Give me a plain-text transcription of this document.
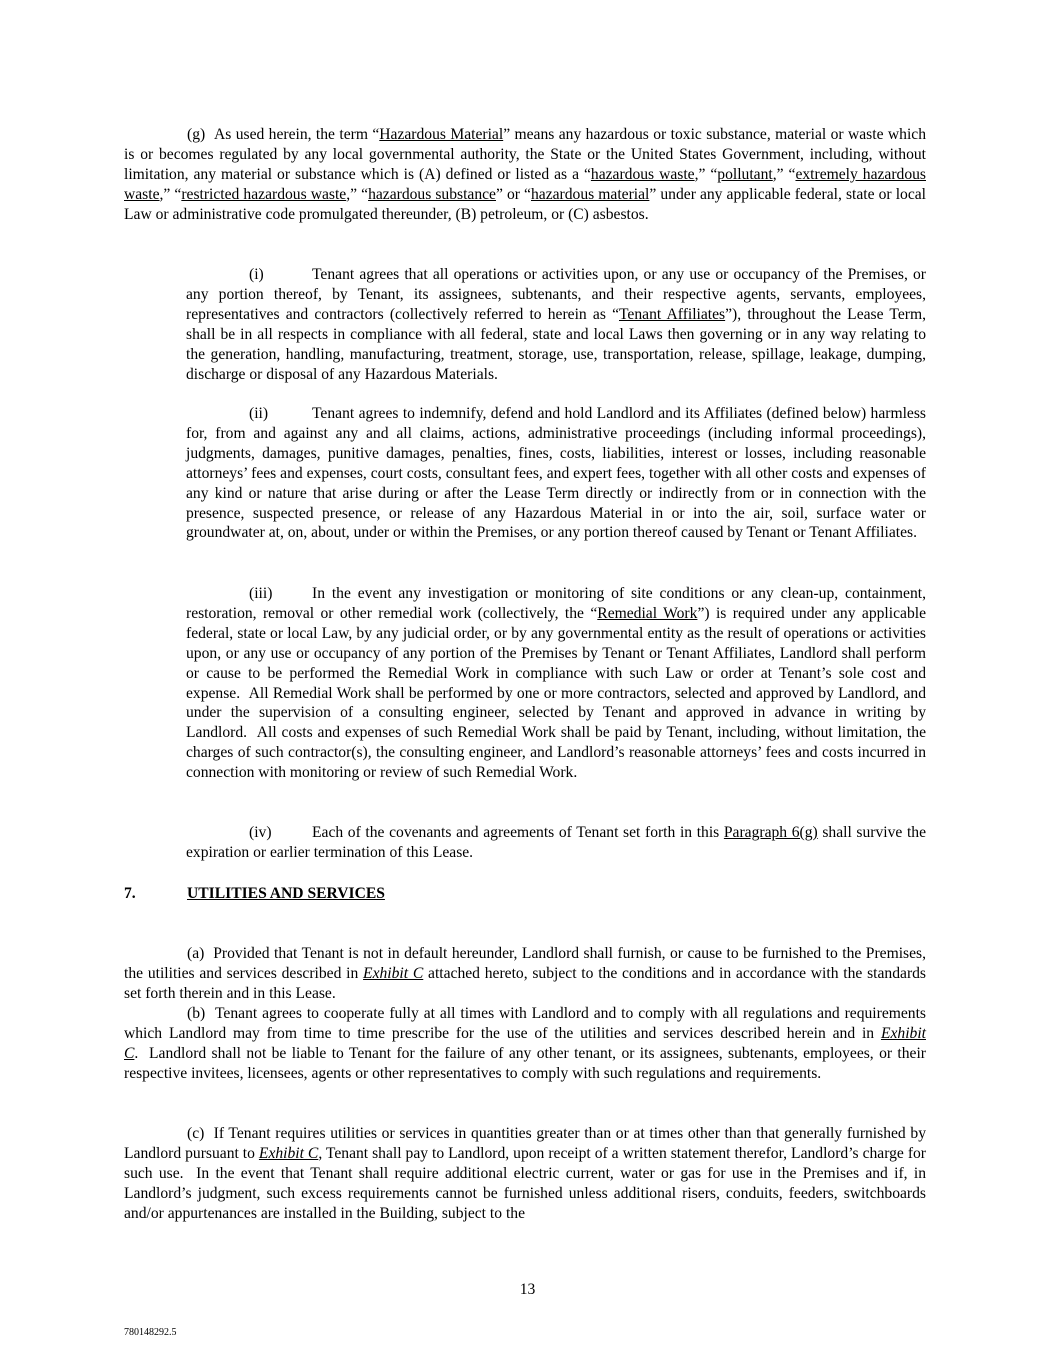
(g)  As used herein, the term “Hazardous Material” means any hazardous or toxic substance, material or waste which is or becomes regulated by any local governmental authority, the State or the United States Government, including, without limitation, any material or substance which is (A) defined or listed as a “hazardous waste,” “pollutant,” “extremely hazardous waste,” “restricted hazardous waste,” “hazardous substance” or “hazardous material” under any applicable federal, state or local Law or administrative code promulgated thereunder, (B) petroleum, or (C) asbestos.

(i)	Tenant agrees that all operations or activities upon, or any use or occupancy of the Premises, or any portion thereof, by Tenant, its assignees, subtenants, and their respective agents, servants, employees, representatives and contractors (collectively referred to herein as “Tenant Affiliates”), throughout the Lease Term, shall be in all respects in compliance with all federal, state and local Laws then governing or in any way relating to the generation, handling, manufacturing, treatment, storage, use, transportation, release, spillage, leakage, dumping, discharge or disposal of any Hazardous Materials.

(ii)	Tenant agrees to indemnify, defend and hold Landlord and its Affiliates (defined below) harmless for, from and against any and all claims, actions, administrative proceedings (including informal proceedings), judgments, damages, punitive damages, penalties, fines, costs, liabilities, interest or losses, including reasonable attorneys’ fees and expenses, court costs, consultant fees, and expert fees, together with all other costs and expenses of any kind or nature that arise during or after the Lease Term directly or indirectly from or in connection with the presence, suspected presence, or release of any Hazardous Material in or into the air, soil, surface water or groundwater at, on, about, under or within the Premises, or any portion thereof caused by Tenant or Tenant Affiliates.

(iii)	In the event any investigation or monitoring of site conditions or any clean-up, containment, restoration, removal or other remedial work (collectively, the “Remedial Work”) is required under any applicable federal, state or local Law, by any judicial order, or by any governmental entity as the result of operations or activities upon, or any use or occupancy of any portion of the Premises by Tenant or Tenant Affiliates, Landlord shall perform or cause to be performed the Remedial Work in compliance with such Law or order at Tenant’s sole cost and expense.  All Remedial Work shall be performed by one or more contractors, selected and approved by Landlord, and under the supervision of a consulting engineer, selected by Tenant and approved in advance in writing by Landlord.  All costs and expenses of such Remedial Work shall be paid by Tenant, including, without limitation, the charges of such contractor(s), the consulting engineer, and Landlord’s reasonable attorneys’ fees and costs incurred in connection with monitoring or review of such Remedial Work.

(iv)	Each of the covenants and agreements of Tenant set forth in this Paragraph 6(g) shall survive the expiration or earlier termination of this Lease.

7.	UTILITIES AND SERVICES

(a)  Provided that Tenant is not in default hereunder, Landlord shall furnish, or cause to be furnished to the Premises, the utilities and services described in Exhibit C attached hereto, subject to the conditions and in accordance with the standards set forth therein and in this Lease.

(b)  Tenant agrees to cooperate fully at all times with Landlord and to comply with all regulations and requirements which Landlord may from time to time prescribe for the use of the utilities and services described herein and in Exhibit C.  Landlord shall not be liable to Tenant for the failure of any other tenant, or its assignees, subtenants, employees, or their respective invitees, licensees, agents or other representatives to comply with such regulations and requirements.

(c)  If Tenant requires utilities or services in quantities greater than or at times other than that generally furnished by Landlord pursuant to Exhibit C, Tenant shall pay to Landlord, upon receipt of a written statement therefor, Landlord’s charge for such use.  In the event that Tenant shall require additional electric current, water or gas for use in the Premises and if, in Landlord’s judgment, such excess requirements cannot be furnished unless additional risers, conduits, feeders, switchboards and/or appurtenances are installed in the Building, subject to the

13

780148292.5
